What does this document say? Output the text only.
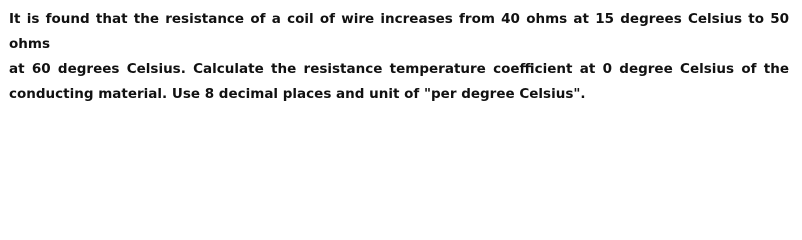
It is found that the resistance of a coil of wire increases from 40 ohms at 15 degrees Celsius to 50 ohms
at 60 degrees Celsius. Calculate the resistance temperature coefficient at 0 degree Celsius of the
conducting material. Use 8 decimal places and unit of "per degree Celsius".
